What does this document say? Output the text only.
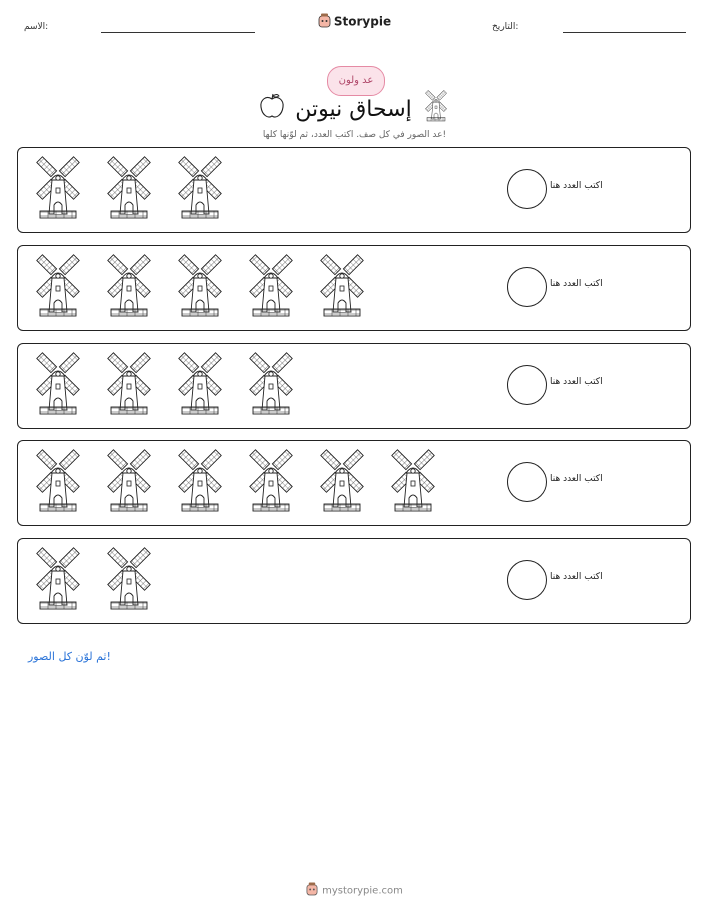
الاسم:	Storypie	التاريخ:
عد ولون
إسحاق نيوتن
عد الصور في كل صف. اكتب العدد، ثم لوّنها كلها!
اكتب العدد هنا
اكتب العدد هنا
اكتب العدد هنا
اكتب العدد هنا
اكتب العدد هنا
ثم لوّن كل الصور!
mystorypie.com
